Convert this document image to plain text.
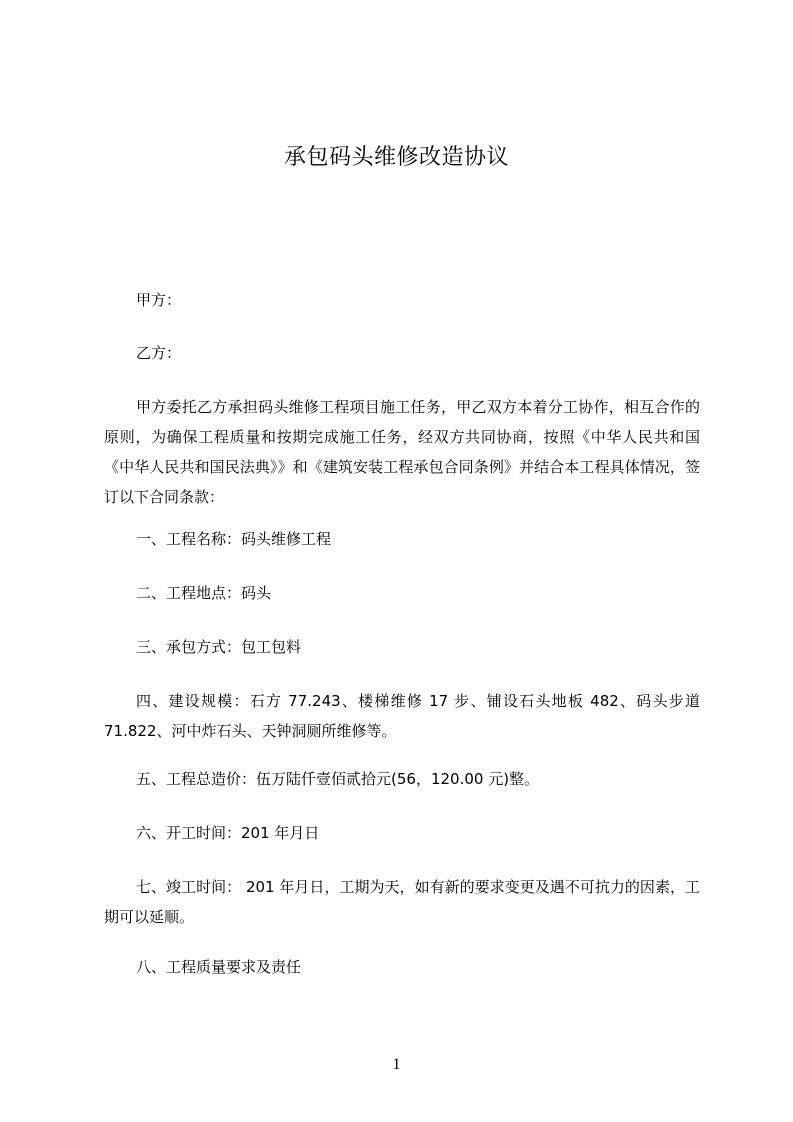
承包码头维修改造协议
甲方：
乙方：
甲方委托乙方承担码头维修工程项目施工任务，甲乙双方本着分工协作，相互合作的原则，为确保工程质量和按期完成施工任务，经双方共同协商，按照《中华人民共和国《中华人民共和国民法典》》和《建筑安装工程承包合同条例》并结合本工程具体情况，签订以下合同条款：
一、工程名称：码头维修工程
二、工程地点：码头
三、承包方式：包工包料
四、建设规模：石方 77.243、楼梯维修 17 步、铺设石头地板 482、码头步道 71.822、河中炸石头、天钟洞厕所维修等。
五、工程总造价：伍万陆仟壹佰贰拾元(56，120.00 元)整。
六、开工时间：201 年月日
七、竣工时间： 201 年月日，工期为天，如有新的要求变更及遇不可抗力的因素，工期可以延顺。
八、工程质量要求及责任
1
